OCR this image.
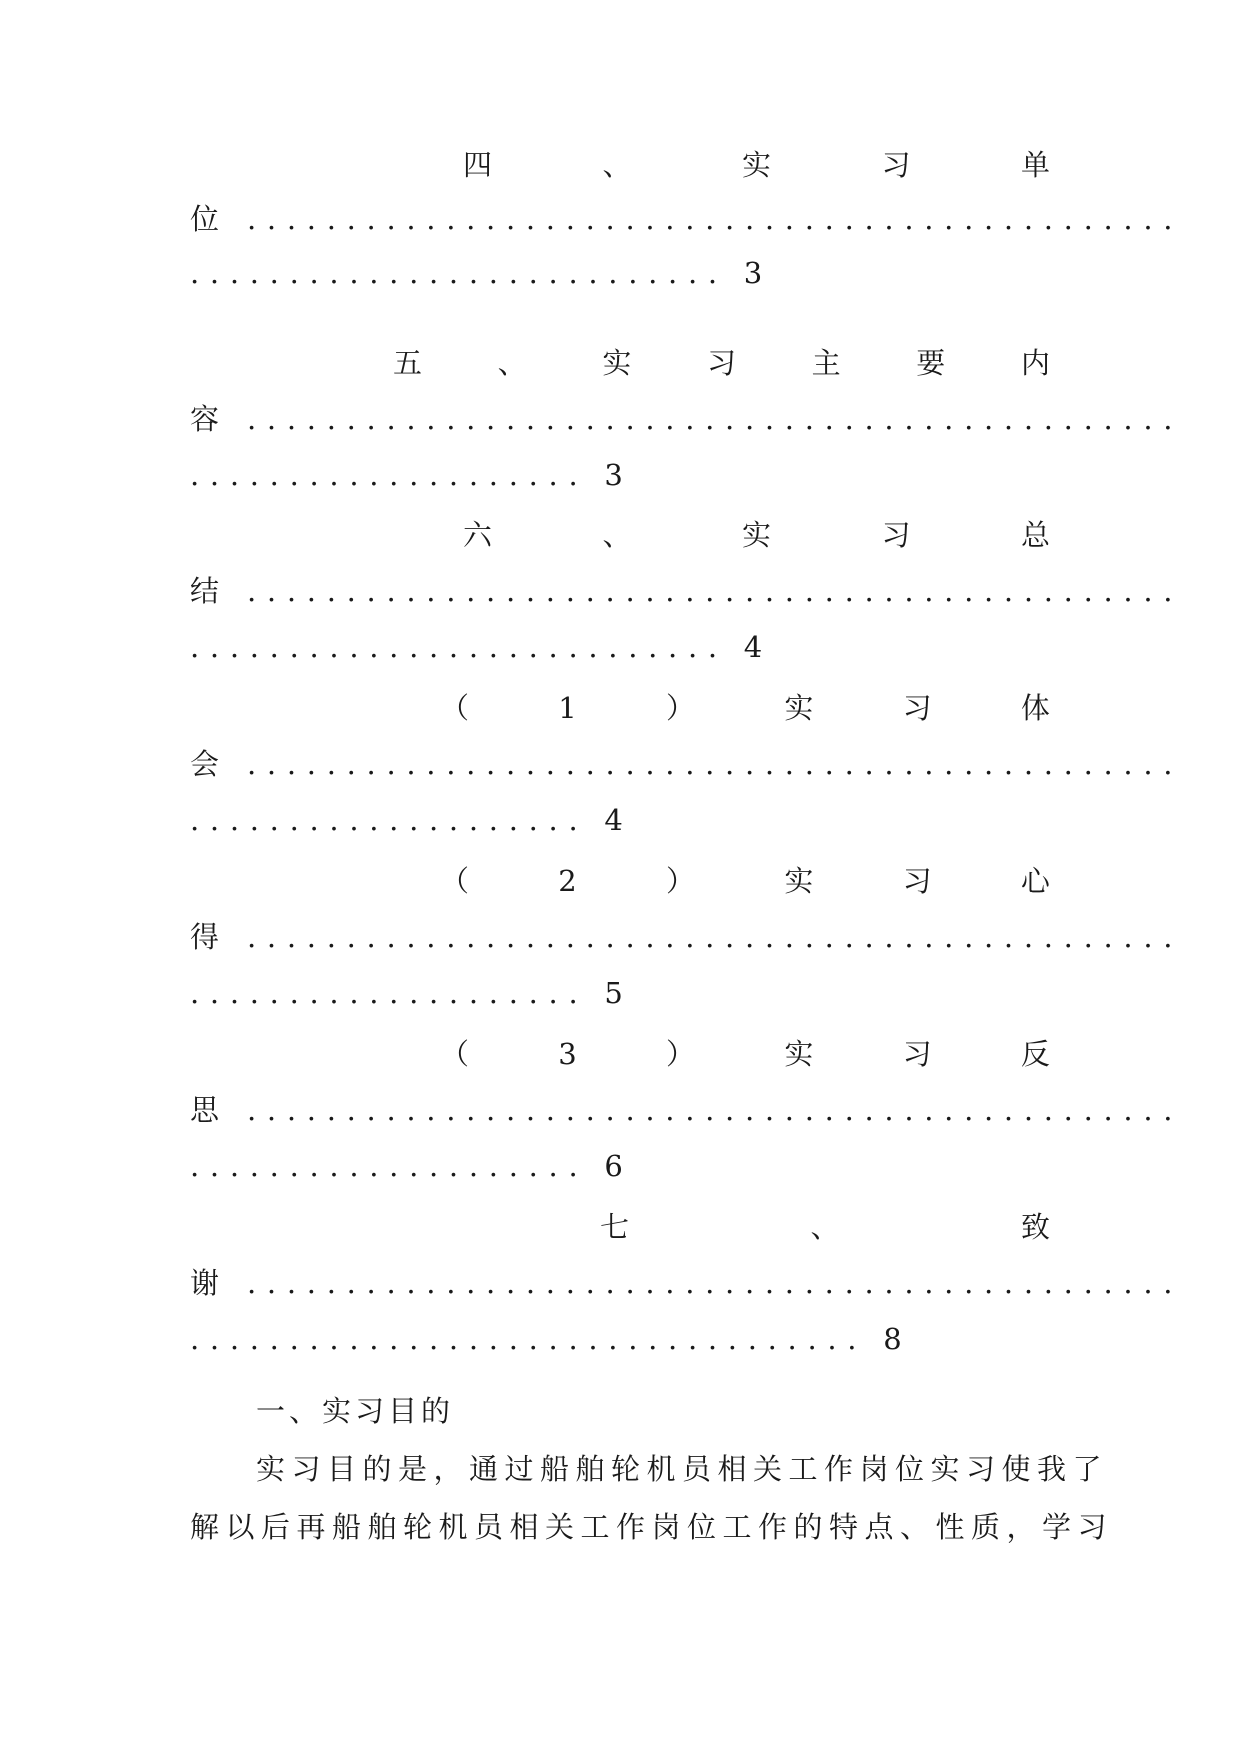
四	、	实	习	单
位 ...............................................
........................... 3
五	、	实	习	主	要	内
容 ...............................................
.................... 3
六	、	实	习	总
结 ...............................................
........................... 4
（	1	）	实	习	体
会 ...............................................
.................... 4
（	2	）	实	习	心
得 ...............................................
.................... 5
（	3	）	实	习	反
思 ...............................................
.................... 6
七	、	致
谢 ...............................................
.................................. 8
一、实习目的
实习目的是，通过船舶轮机员相关工作岗位实习使我了
解以后再船舶轮机员相关工作岗位工作的特点、性质，学习
